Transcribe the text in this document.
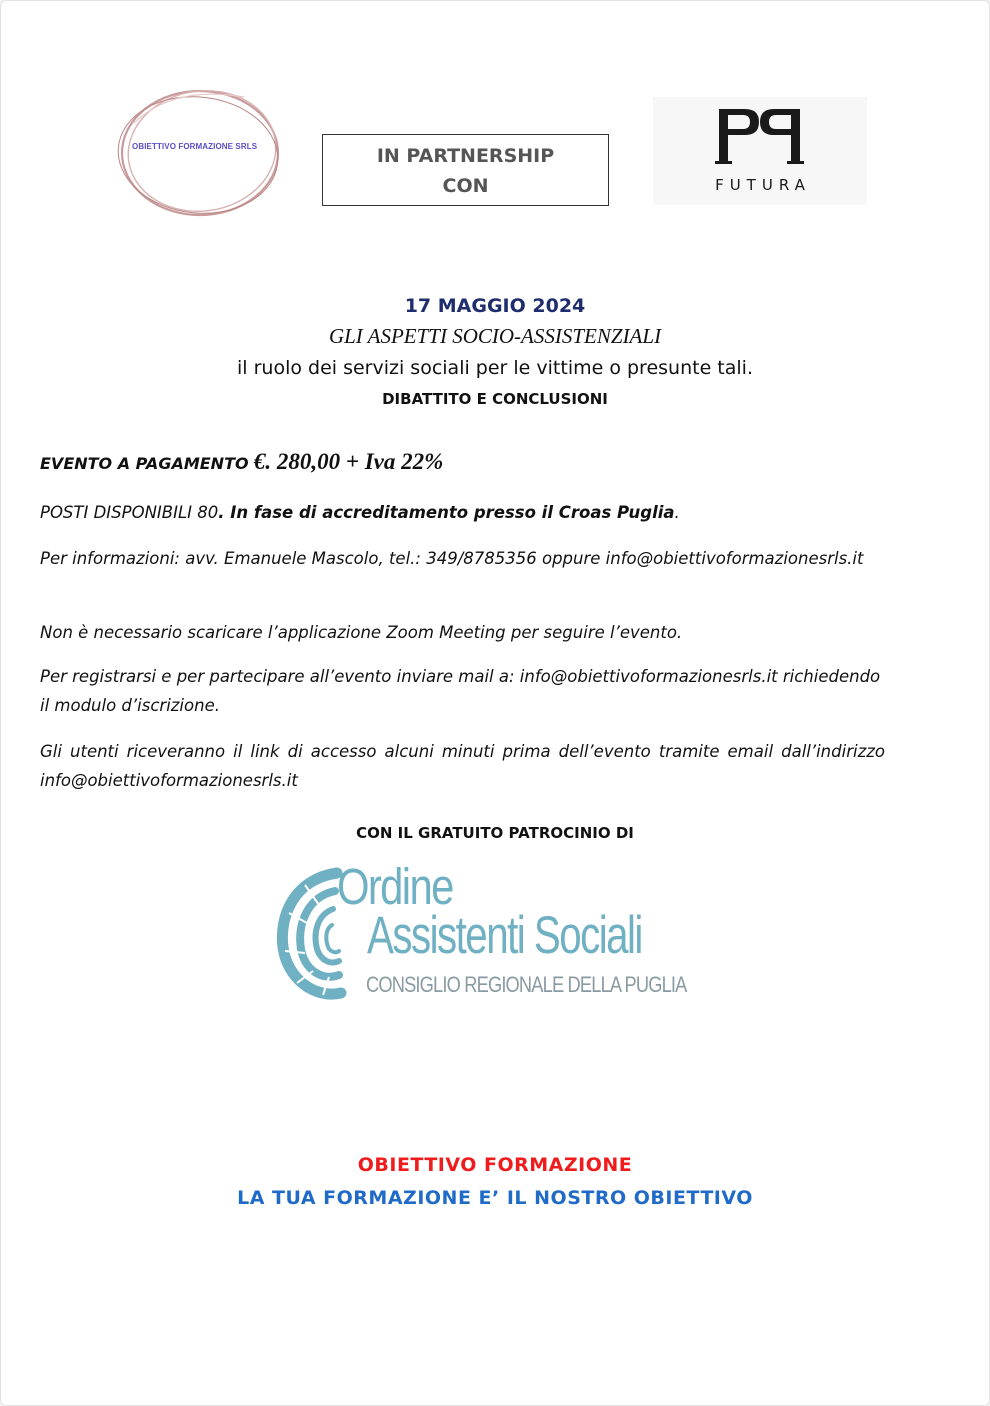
OBIETTIVO FORMAZIONE SRLS	IN PARTNERSHIP
CON	FUTURA
17 MAGGIO 2024
GLI ASPETTI SOCIO-ASSISTENZIALI
il ruolo dei servizi sociali per le vittime o presunte tali.
DIBATTITO E CONCLUSIONI
EVENTO A PAGAMENTO €. 280,00 + Iva 22%
POSTI DISPONIBILI 80. In fase di accreditamento presso il Croas Puglia.
Per informazioni: avv. Emanuele Mascolo, tel.: 349/8785356 oppure info@obiettivoformazionesrls.it
Non è necessario scaricare l’applicazione Zoom Meeting per seguire l’evento.
Per registrarsi e per partecipare all’evento inviare mail a: info@obiettivoformazionesrls.it richiedendo il modulo d’iscrizione.
Gli utenti riceveranno il link di accesso alcuni minuti prima dell’evento tramite email dall’indirizzo info@obiettivoformazionesrls.it
CON IL GRATUITO PATROCINIO DI
Ordine
Assistenti Sociali
CONSIGLIO REGIONALE DELLA PUGLIA
OBIETTIVO FORMAZIONE
LA TUA FORMAZIONE E’ IL NOSTRO OBIETTIVO
